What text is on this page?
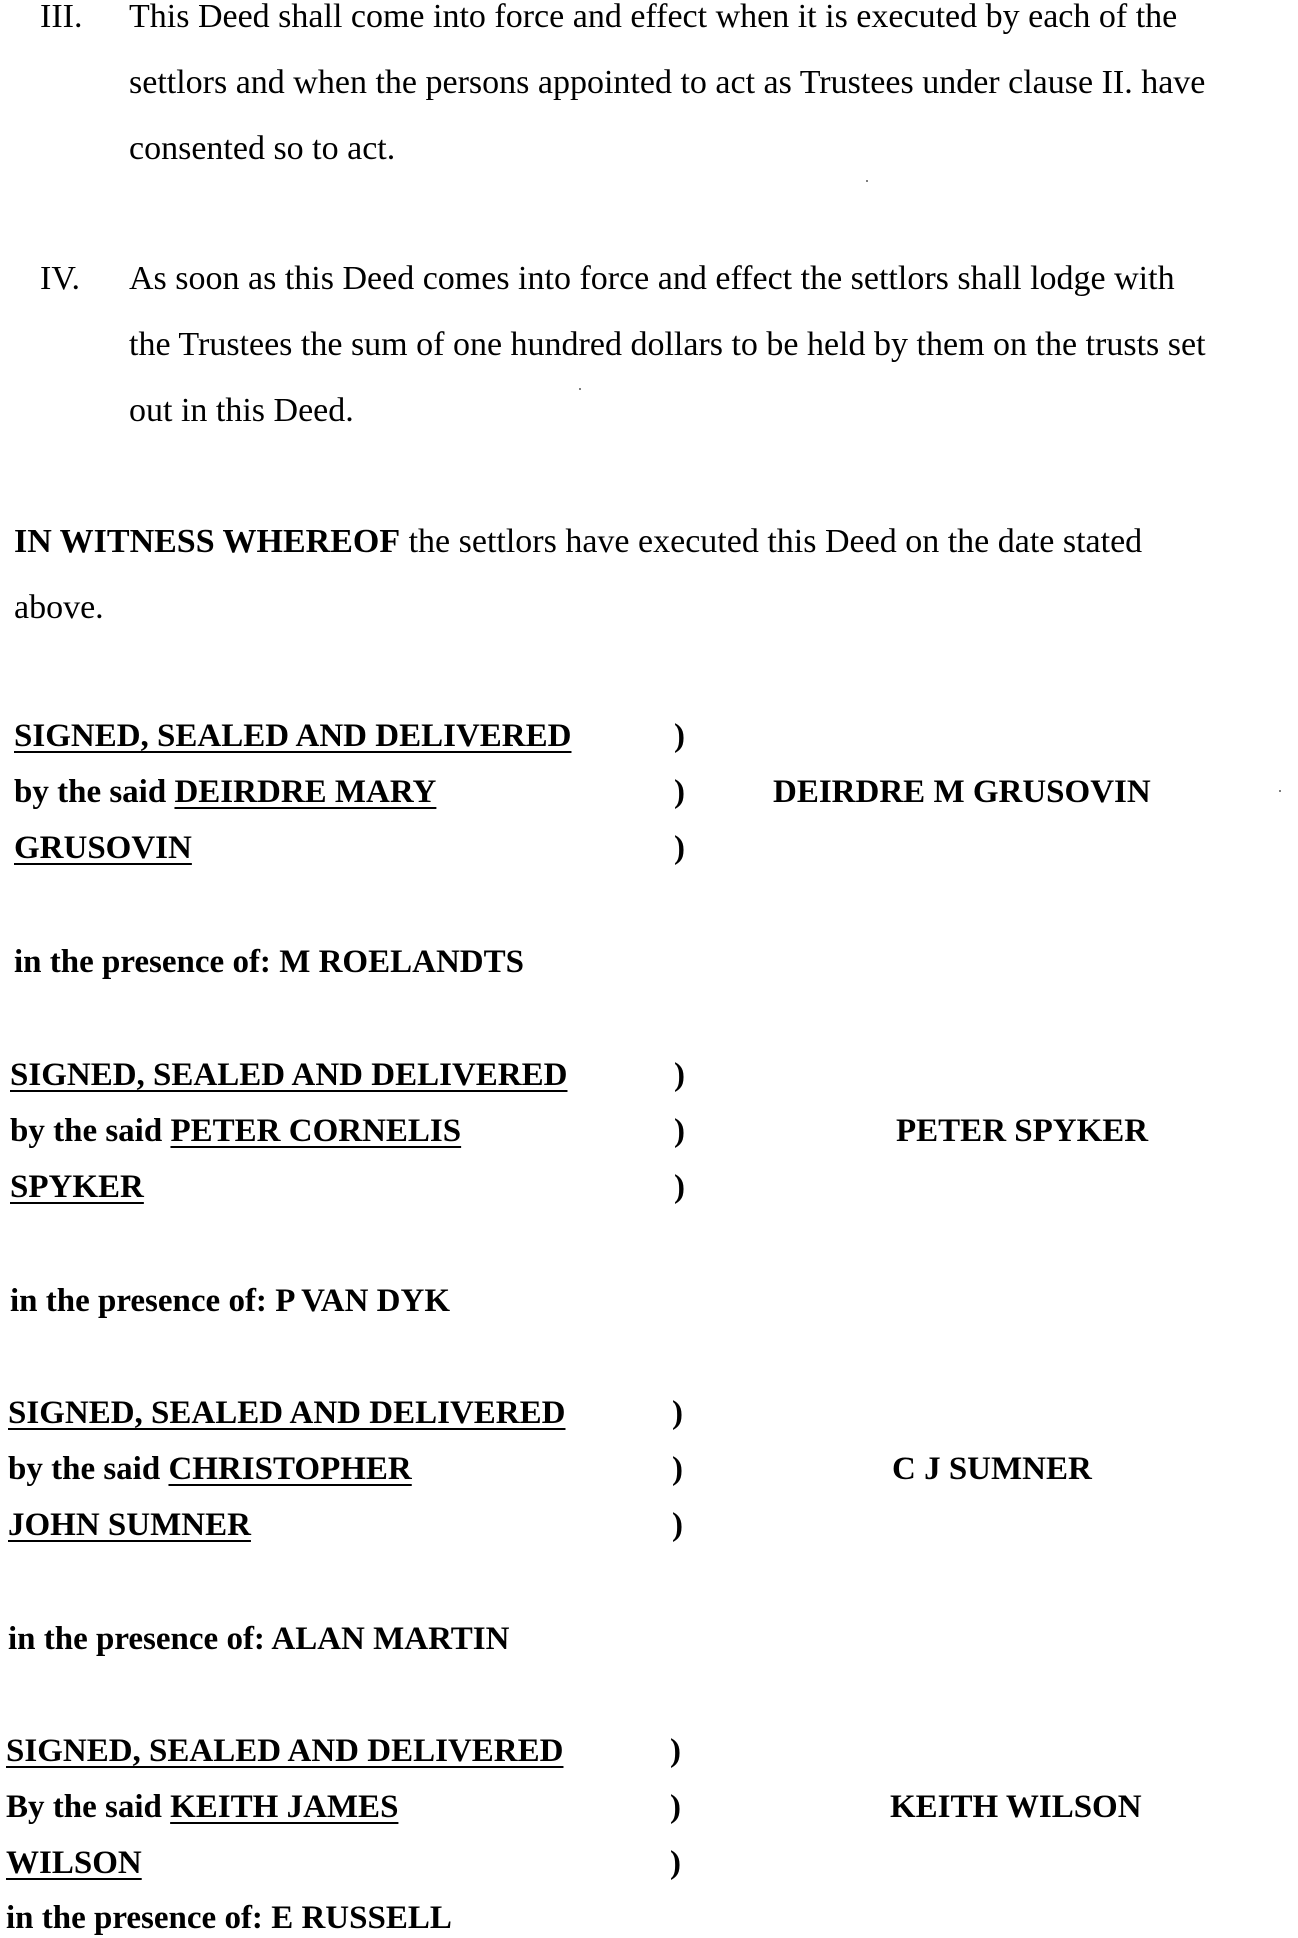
III. This Deed shall come into force and effect when it is executed by each of the
settlors and when the persons appointed to act as Trustees under clause II. have
consented so to act.
IV. As soon as this Deed comes into force and effect the settlors shall lodge with
the Trustees the sum of one hundred dollars to be held by them on the trusts set
out in this Deed.
IN WITNESS WHEREOF the settlors have executed this Deed on the date stated
above.
SIGNED, SEALED AND DELIVERED
by the said DEIRDRE MARY
GRUSOVIN
)
)
)
DEIRDRE M GRUSOVIN
in the presence of: M ROELANDTS
SIGNED, SEALED AND DELIVERED
by the said PETER CORNELIS
SPYKER
)
)
)
PETER SPYKER
in the presence of: P VAN DYK
SIGNED, SEALED AND DELIVERED
by the said CHRISTOPHER
JOHN SUMNER
)
)
)
C J SUMNER
in the presence of: ALAN MARTIN
SIGNED, SEALED AND DELIVERED
By the said KEITH JAMES
WILSON
)
)
)
KEITH WILSON
in the presence of: E RUSSELL
